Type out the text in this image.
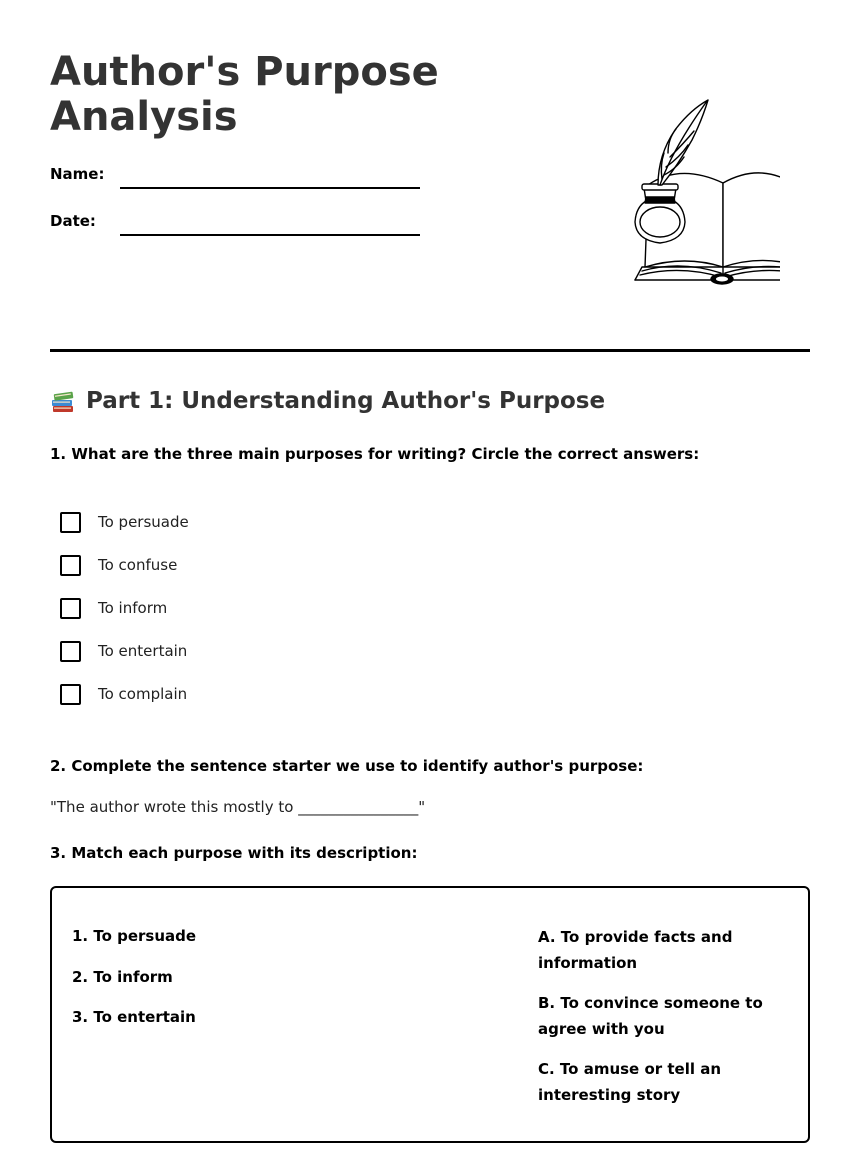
Author's Purpose Analysis
Name:
Date:
Part 1: Understanding Author's Purpose
1. What are the three main purposes for writing? Circle the correct answers:
To persuade
To confuse
To inform
To entertain
To complain
2. Complete the sentence starter we use to identify author's purpose:
"The author wrote this mostly to ________________"
3. Match each purpose with its description:
1. To persuade
2. To inform
3. To entertain
A. To provide facts and information
B. To convince someone to agree with you
C. To amuse or tell an interesting story
